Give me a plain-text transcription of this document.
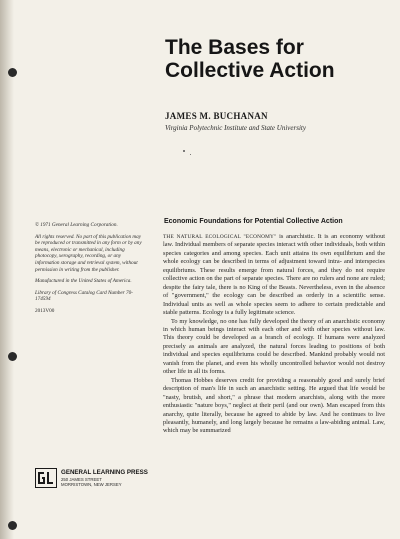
The Bases for
Collective Action
JAMES M. BUCHANAN
Virginia Polytechnic Institute and State University

© 1971 General Learning Corporation.

All rights reserved. No part of this publication may be reproduced or transmitted in any form or by any means, electronic or mechanical, including photocopy, xerography, recording, or any information storage and retrieval system, without permission in writing from the publisher.

Manufactured in the United States of America.

Library of Congress Catalog Card Number 70-174594

2013V00

Economic Foundations for Potential Collective Action

THE NATURAL ECOLOGICAL "ECONOMY" is anarchistic. It is an economy without law. Individual members of separate species interact with other individuals, both within species categories and among species. Each unit attains its own equilibrium and the whole ecology can be described in terms of adjustment toward intra- and interspecies equilibriums. These results emerge from natural forces, and they do not require collective action on the part of separate species. There are no rulers and none are ruled; despite the fairy tale, there is no King of the Beasts. Nevertheless, even in the absence of "government," the ecology can be described as orderly in a scientific sense. Individual units as well as whole species seem to adhere to certain predictable and stable patterns. Ecology is a fully legitimate science.

To my knowledge, no one has fully developed the theory of an anarchistic economy in which human beings interact with each other and with other species without law. This theory could be developed as a branch of ecology. If humans were analyzed precisely as animals are analyzed, the natural forces leading to positions of both individual and species equilibriums could be described. Mankind probably would not vanish from the planet, and even his wholly uncontrolled behavior would not destroy other life in all its forms.

Thomas Hobbes deserves credit for providing a reasonably good and surely brief description of man's life in such an anarchistic setting. He argued that life would be "nasty, brutish, and short," a phrase that modern anarchists, along with the more enthusiastic "nature boys," neglect at their peril (and our own). Man escaped from this anarchy, quite literally, because he agreed to abide by law. And he continues to live pleasantly, humanely, and long largely because he remains a law-abiding animal. Law, which may be summarized

GENERAL LEARNING PRESS
250 JAMES STREET
MORRISTOWN, NEW JERSEY
